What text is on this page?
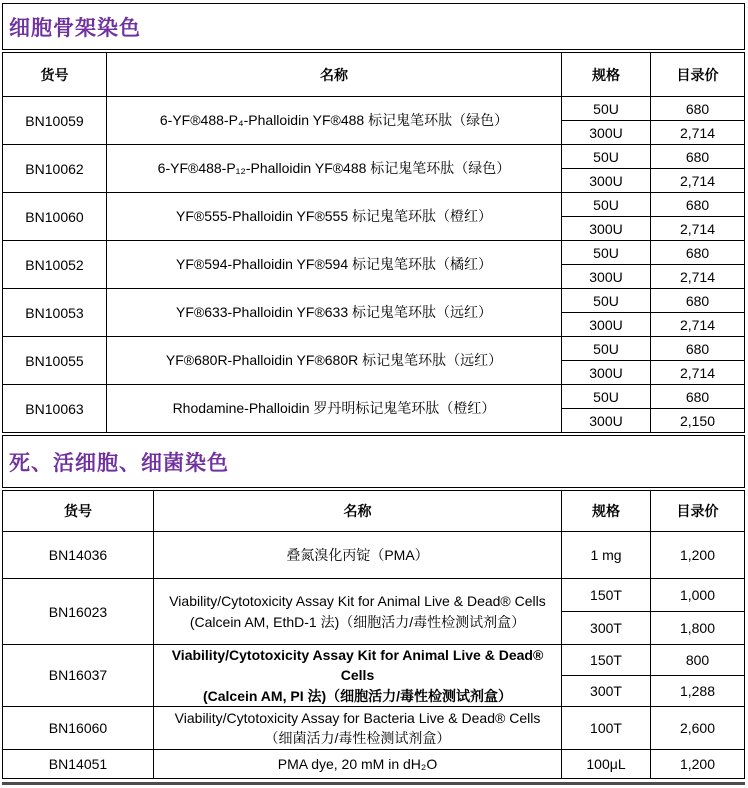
细胞骨架染色
货号	名称	规格	目录价
BN10059	6-YF®488-P₄-Phalloidin YF®488 标记鬼笔环肽（绿色）	50U	680
		300U	2,714
BN10062	6-YF®488-P₁₂-Phalloidin YF®488 标记鬼笔环肽（绿色）	50U	680
		300U	2,714
BN10060	YF®555-Phalloidin YF®555 标记鬼笔环肽（橙红）	50U	680
		300U	2,714
BN10052	YF®594-Phalloidin YF®594 标记鬼笔环肽（橘红）	50U	680
		300U	2,714
BN10053	YF®633-Phalloidin YF®633 标记鬼笔环肽（远红）	50U	680
		300U	2,714
BN10055	YF®680R-Phalloidin YF®680R 标记鬼笔环肽（远红）	50U	680
		300U	2,714
BN10063	Rhodamine-Phalloidin 罗丹明标记鬼笔环肽（橙红）	50U	680
		300U	2,150
死、活细胞、细菌染色
货号	名称	规格	目录价
BN14036	叠氮溴化丙锭（PMA）	1 mg	1,200
BN16023	Viability/Cytotoxicity Assay Kit for Animal Live & Dead® Cells
(Calcein AM, EthD-1 法)（细胞活力/毒性检测试剂盒）	150T	1,000
		300T	1,800
BN16037	Viability/Cytotoxicity Assay Kit for Animal Live & Dead® Cells
(Calcein AM, PI 法)（细胞活力/毒性检测试剂盒）	150T	800
		300T	1,288
BN16060	Viability/Cytotoxicity Assay for Bacteria Live & Dead® Cells
（细菌活力/毒性检测试剂盒）	100T	2,600
BN14051	PMA dye, 20 mM in dH₂O	100μL	1,200
